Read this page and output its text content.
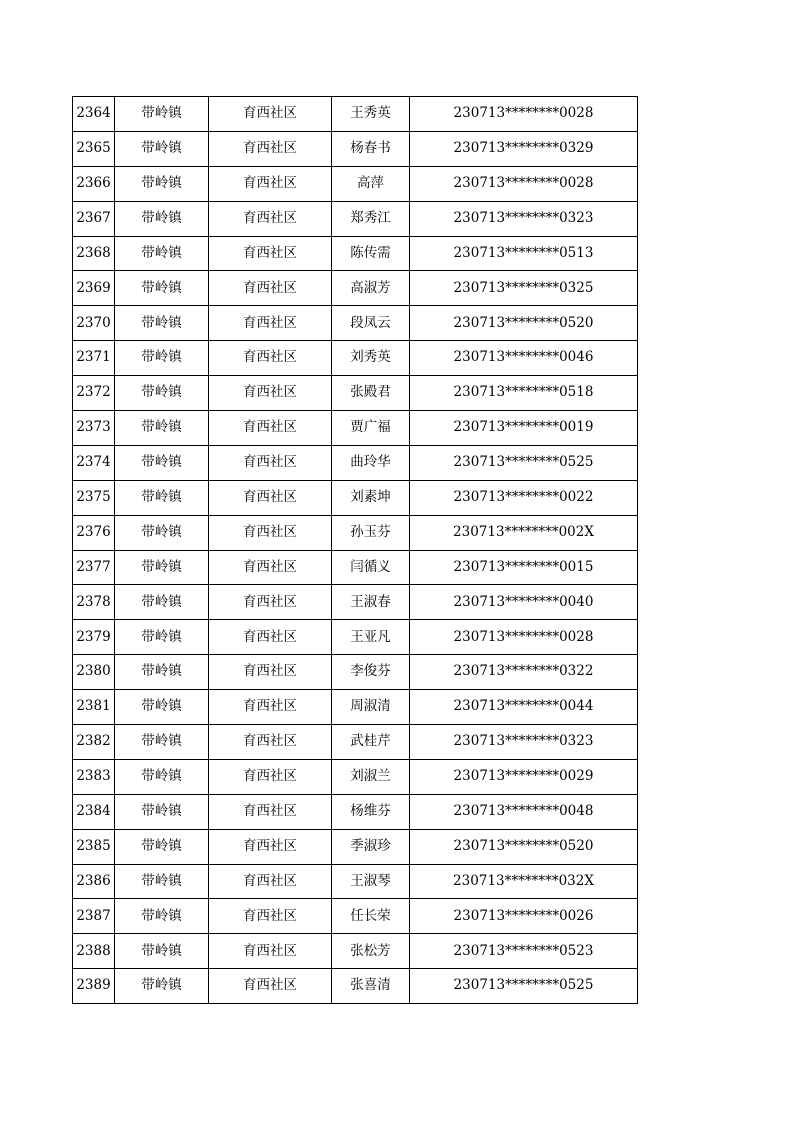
2364	带岭镇	育西社区	王秀英	230713********0028
2365	带岭镇	育西社区	杨春书	230713********0329
2366	带岭镇	育西社区	高萍	230713********0028
2367	带岭镇	育西社区	郑秀江	230713********0323
2368	带岭镇	育西社区	陈传需	230713********0513
2369	带岭镇	育西社区	高淑芳	230713********0325
2370	带岭镇	育西社区	段凤云	230713********0520
2371	带岭镇	育西社区	刘秀英	230713********0046
2372	带岭镇	育西社区	张殿君	230713********0518
2373	带岭镇	育西社区	贾广福	230713********0019
2374	带岭镇	育西社区	曲玲华	230713********0525
2375	带岭镇	育西社区	刘素坤	230713********0022
2376	带岭镇	育西社区	孙玉芬	230713********002X
2377	带岭镇	育西社区	闫循义	230713********0015
2378	带岭镇	育西社区	王淑春	230713********0040
2379	带岭镇	育西社区	王亚凡	230713********0028
2380	带岭镇	育西社区	李俊芬	230713********0322
2381	带岭镇	育西社区	周淑清	230713********0044
2382	带岭镇	育西社区	武桂芹	230713********0323
2383	带岭镇	育西社区	刘淑兰	230713********0029
2384	带岭镇	育西社区	杨维芬	230713********0048
2385	带岭镇	育西社区	季淑珍	230713********0520
2386	带岭镇	育西社区	王淑琴	230713********032X
2387	带岭镇	育西社区	任长荣	230713********0026
2388	带岭镇	育西社区	张松芳	230713********0523
2389	带岭镇	育西社区	张喜清	230713********0525
